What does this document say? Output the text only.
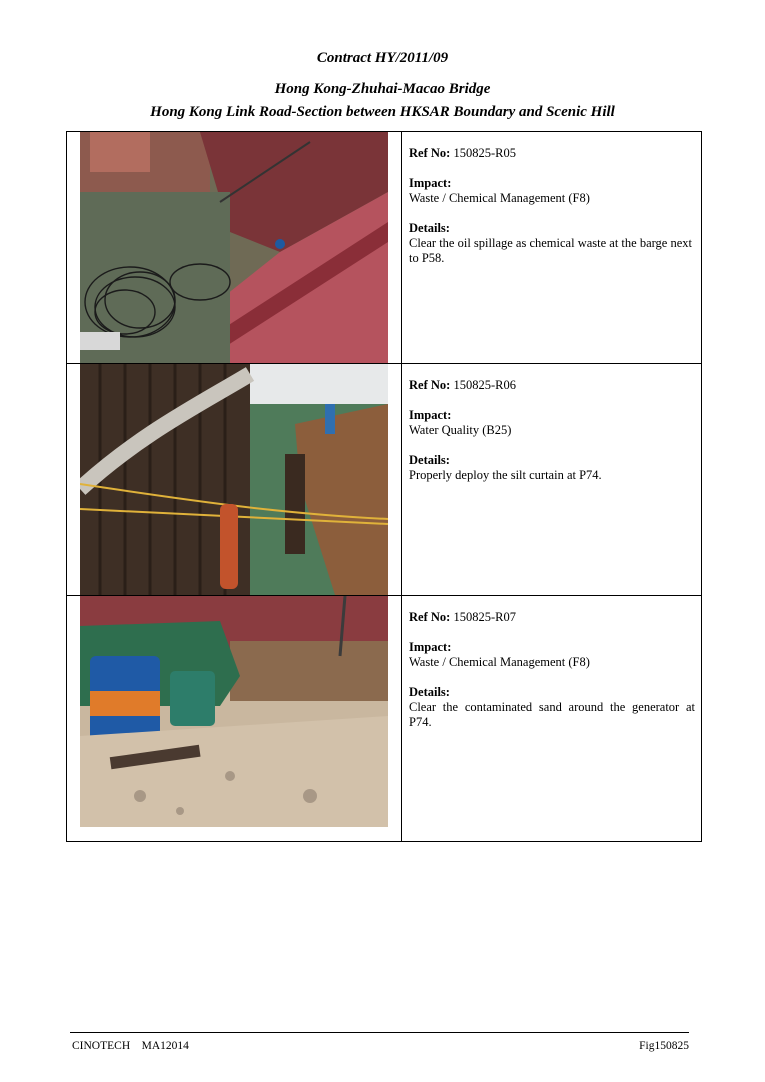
Contract HY/2011/09
Hong Kong-Zhuhai-Macao Bridge
Hong Kong Link Road-Section between HKSAR Boundary and Scenic Hill

Ref No: 150825-R05
Impact:
Waste / Chemical Management (F8)
Details:
Clear the oil spillage as chemical waste at the barge next to P58.

Ref No: 150825-R06
Impact:
Water Quality (B25)
Details:
Properly deploy the silt curtain at P74.

Ref No: 150825-R07
Impact:
Waste / Chemical Management (F8)
Details:
Clear the contaminated sand around the generator at P74.
CINOTECH    MA12014	Fig150825
